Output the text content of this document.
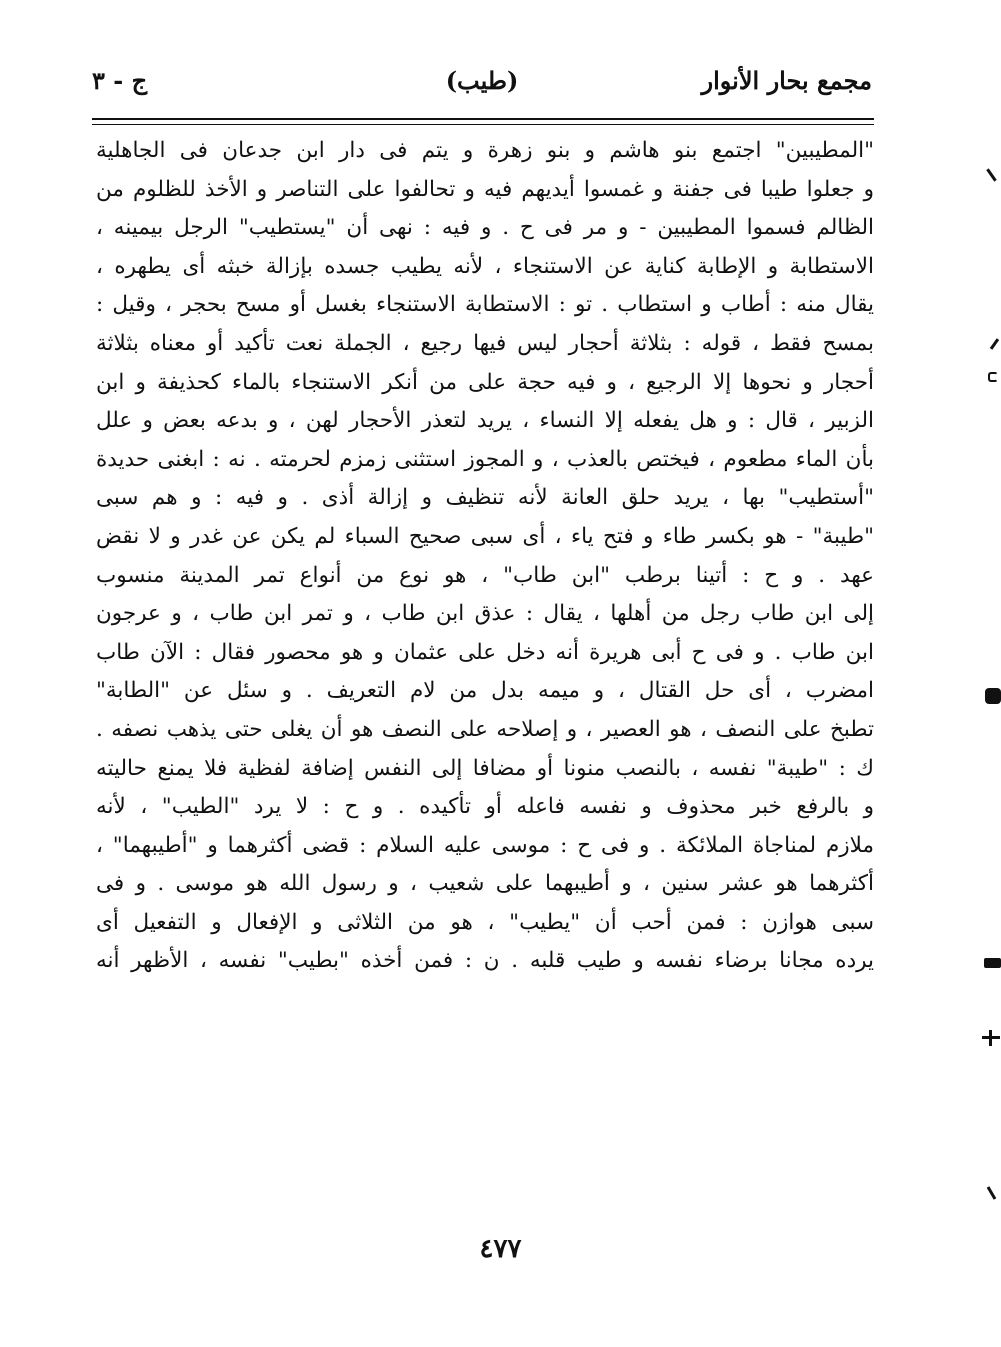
مجمع بحار الأنوار
(طيب)
ج - ٣
"المطيبين" اجتمع بنو هاشم و بنو زهرة و يتم فى دار ابن جدعان فى الجاهلية
و جعلوا طيبا فى جفنة و غمسوا أيديهم فيه و تحالفوا على التناصر و الأخذ للظلوم من
الظالم فسموا المطيبين - و مر فى ح . و فيه : نهى أن "يستطيب" الرجل بيمينه ،
الاستطابة و الإطابة كناية عن الاستنجاء ، لأنه يطيب جسده بإزالة خبثه أى يطهره ،
يقال منه : أطاب و استطاب . تو : الاستطابة الاستنجاء بغسل أو مسح بحجر ، وقيل :
بمسح فقط ، قوله : بثلاثة أحجار ليس فيها رجيع ، الجملة نعت تأكيد أو معناه بثلاثة
أحجار و نحوها إلا الرجيع ، و فيه حجة على من أنكر الاستنجاء بالماء كحذيفة و ابن
الزبير ، قال : و هل يفعله إلا النساء ، يريد لتعذر الأحجار لهن ، و بدعه بعض و علل
بأن الماء مطعوم ، فيختص بالعذب ، و المجوز استثنى زمزم لحرمته . نه : ابغنى حديدة
"أستطيب" بها ، يريد حلق العانة لأنه تنظيف و إزالة أذى . و فيه : و هم سبى
"طيبة" - هو بكسر طاء و فتح ياء ، أى سبى صحيح السباء لم يكن عن غدر و لا نقض
عهد . و ح : أتينا برطب "ابن طاب" ، هو نوع من أنواع تمر المدينة منسوب
إلى ابن طاب رجل من أهلها ، يقال : عذق ابن طاب ، و تمر ابن طاب ، و عرجون
ابن طاب . و فى ح أبى هريرة أنه دخل على عثمان و هو محصور فقال : الآن طاب
امضرب ، أى حل القتال ، و ميمه بدل من لام التعريف . و سئل عن "الطابة"
تطبخ على النصف ، هو العصير ، و إصلاحه على النصف هو أن يغلى حتى يذهب نصفه .
ك : "طيبة" نفسه ، بالنصب منونا أو مضافا إلى النفس إضافة لفظية فلا يمنع حاليته
و بالرفع خبر محذوف و نفسه فاعله أو تأكيده . و ح : لا يرد "الطيب" ، لأنه
ملازم لمناجاة الملائكة . و فى ح : موسى عليه السلام : قضى أكثرهما و "أطيبهما" ،
أكثرهما هو عشر سنين ، و أطيبهما على شعيب ، و رسول الله هو موسى . و فى
سبى هوازن : فمن أحب أن "يطيب" ، هو من الثلاثى و الإفعال و التفعيل أى
يرده مجانا برضاء نفسه و طيب قلبه . ن : فمن أخذه "بطيب" نفسه ، الأظهر أنه
٤٧٧
